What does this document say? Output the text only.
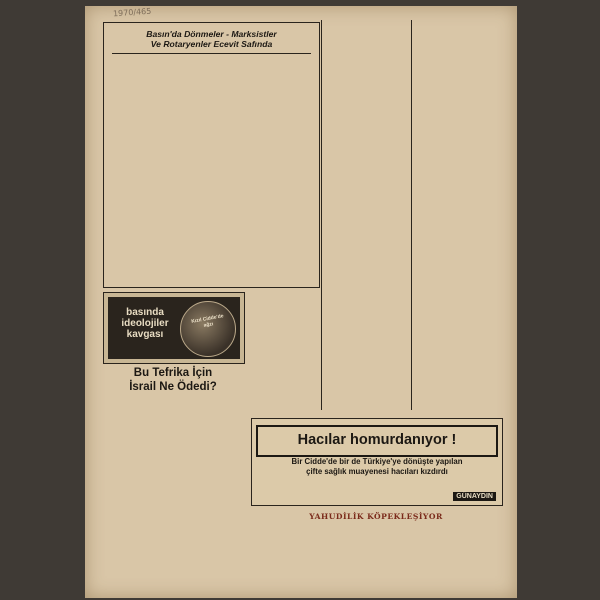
1970/465
Basın'da Dönmeler - Marksistler
Ve Rotaryenler Ecevit Safında
basında
ideolojiler
kavgası
Kızıl Cidde'de ağzı
Bu Tefrika İçin
İsrail Ne Ödedi?
Hacılar homurdanıyor !
Bir Cidde'de bir de Türkiye'ye dönüşte yapılan
çifte sağlık muayenesi hacıları kızdırdı
GÜNAYDIN
YAHUDİLİK KÖPEKLEŞİYOR
